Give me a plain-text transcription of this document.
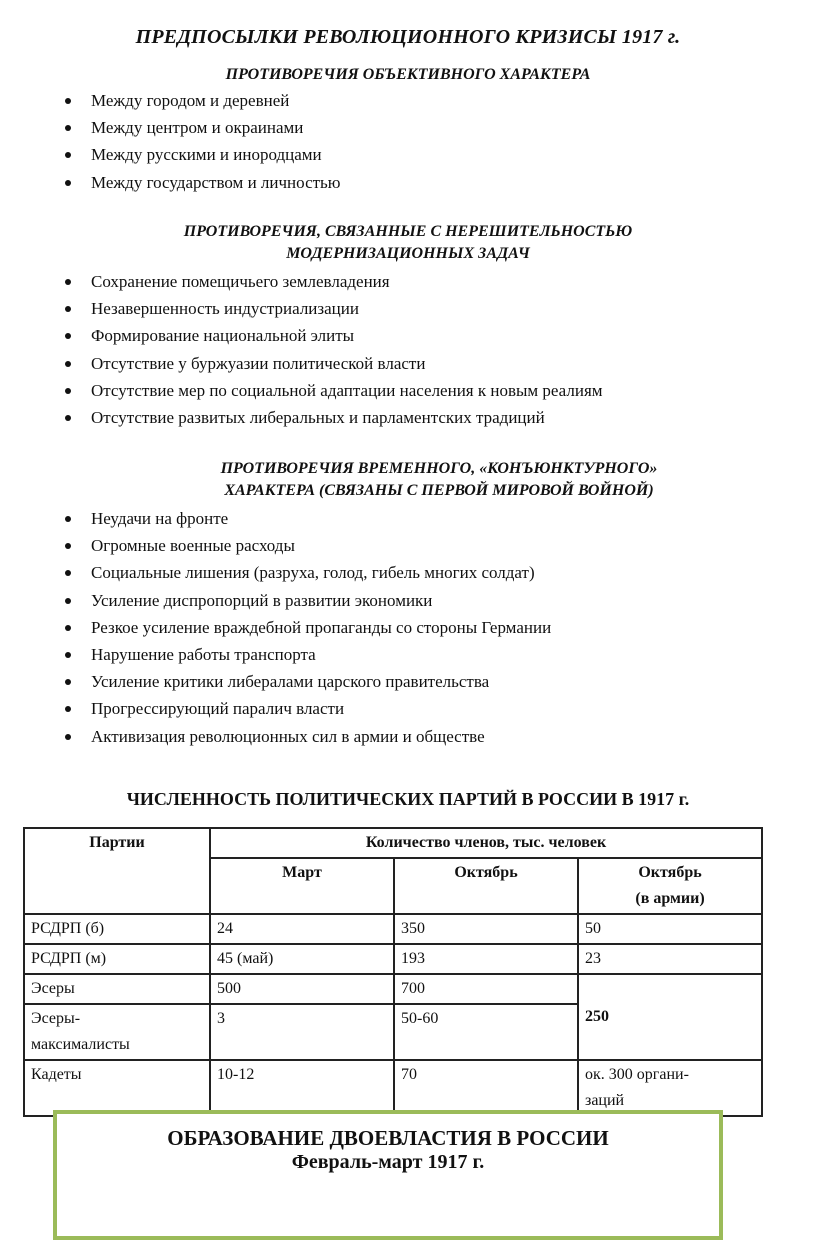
ПРЕДПОСЫЛКИ РЕВОЛЮЦИОННОГО КРИЗИСЫ 1917 г.
ПРОТИВОРЕЧИЯ ОБЪЕКТИВНОГО ХАРАКТЕРА
Между городом и деревней
Между центром и окраинами
Между русскими и инородцами
Между государством и личностью
ПРОТИВОРЕЧИЯ, СВЯЗАННЫЕ С НЕРЕШИТЕЛЬНОСТЬЮ
МОДЕРНИЗАЦИОННЫХ ЗАДАЧ
Сохранение помещичьего землевладения
Незавершенность индустриализации
Формирование национальной элиты
Отсутствие у буржуазии политической власти
Отсутствие мер по социальной адаптации населения к новым реалиям
Отсутствие развитых либеральных и парламентских традиций
ПРОТИВОРЕЧИЯ ВРЕМЕННОГО, «КОНЪЮНКТУРНОГО»
ХАРАКТЕРА (СВЯЗАНЫ С ПЕРВОЙ МИРОВОЙ ВОЙНОЙ)
Неудачи на фронте
Огромные военные расходы
Социальные лишения (разруха, голод, гибель многих солдат)
Усиление диспропорций в развитии экономики
Резкое усиление враждебной пропаганды со стороны Германии
Нарушение работы транспорта
Усиление критики либералами царского правительства
Прогрессирующий паралич власти
Активизация революционных сил в армии и обществе
ЧИСЛЕННОСТЬ ПОЛИТИЧЕСКИХ ПАРТИЙ В РОССИИ В 1917 г.
Партии	Количество членов, тыс. человек		
	Март	Октябрь	Октябрь
(в армии)

РСДРП (б)	24	350	50
РСДРП (м)	45 (май)	193	23
Эсеры	500	700	250

Эсеры-
максималисты	3	50-60	
Кадеты	10-12	70	ок. 300 органи-
заций
ОБРАЗОВАНИЕ ДВОЕВЛАСТИЯ В РОССИИ
Февраль-март 1917 г.
